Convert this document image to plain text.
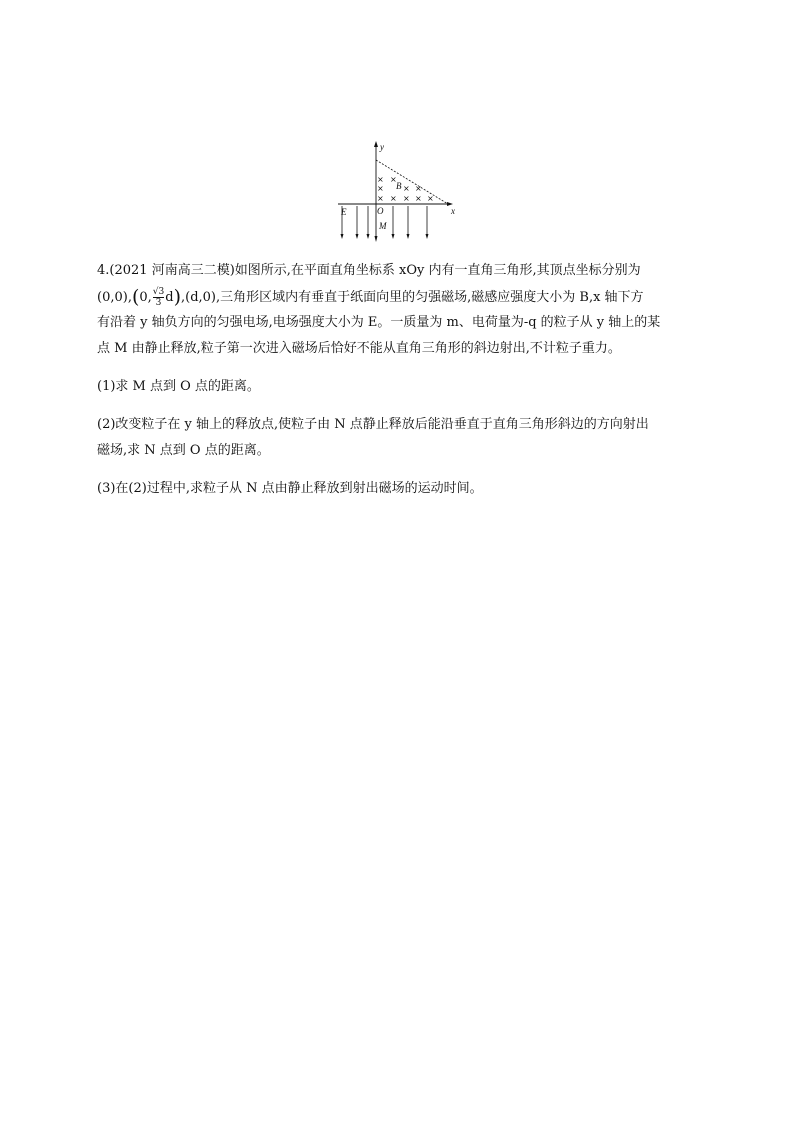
× ×
× × ×
× × × × ×
y
x
O
B
E
M
4.(2021 河南高三二模)如图所示,在平面直角坐标系 xOy 内有一直角三角形,其顶点坐标分别为
(0,0),(0, $\frac{√3}{3} d),(d,0)$,三角形区域内有垂直于纸面向里的匀强磁场,磁感应强度大小为 B,x 轴下方
有沿着 y 轴负方向的匀强电场,电场强度大小为 E。一质量为 m、电荷量为-q 的粒子从 y 轴上的某
点 M 由静止释放,粒子第一次进入磁场后恰好不能从直角三角形的斜边射出,不计粒子重力。
(1)求 M 点到 O 点的距离。
(2)改变粒子在 y 轴上的释放点,使粒子由 N 点静止释放后能沿垂直于直角三角形斜边的方向射出
磁场,求 N 点到 O 点的距离。
(3)在(2)过程中,求粒子从 N 点由静止释放到射出磁场的运动时间。
